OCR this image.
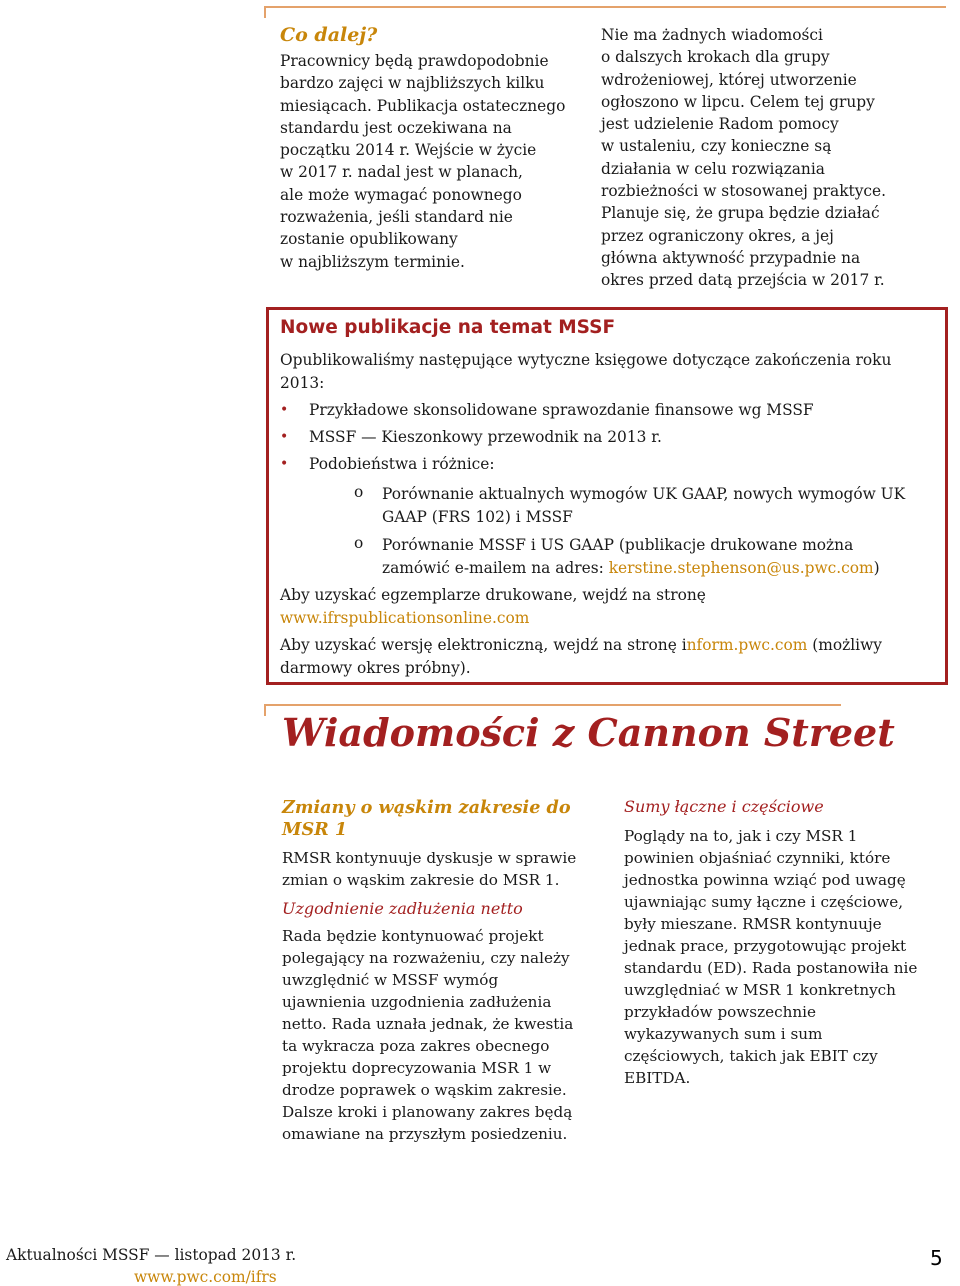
Co dalej?
Pracownicy będą prawdopodobnie
bardzo zajęci w najbliższych kilku
miesiącach. Publikacja ostatecznego
standardu jest oczekiwana na
początku 2014 r. Wejście w życie
w 2017 r. nadal jest w planach,
ale może wymagać ponownego
rozważenia, jeśli standard nie
zostanie opublikowany
w najbliższym terminie.
Nie ma żadnych wiadomości
o dalszych krokach dla grupy
wdrożeniowej, której utworzenie
ogłoszono w lipcu. Celem tej grupy
jest udzielenie Radom pomocy
w ustaleniu, czy konieczne są
działania w celu rozwiązania
rozbieżności w stosowanej praktyce.
Planuje się, że grupa będzie działać
przez ograniczony okres, a jej
główna aktywność przypadnie na
okres przed datą przejścia w 2017 r.
Nowe publikacje na temat MSSF
Opublikowaliśmy następujące wytyczne księgowe dotyczące zakończenia roku
2013:
• Przykładowe skonsolidowane sprawozdanie finansowe wg MSSF
• MSSF — Kieszonkowy przewodnik na 2013 r.
• Podobieństwa i różnice:
o Porównanie aktualnych wymogów UK GAAP, nowych wymogów UK
GAAP (FRS 102) i MSSF
o Porównanie MSSF i US GAAP (publikacje drukowane można
zamówić e-mailem na adres: kerstine.stephenson@us.pwc.com)
Aby uzyskać egzemplarze drukowane, wejdź na stronę
www.ifrspublicationsonline.com
Aby uzyskać wersję elektroniczną, wejdź na stronę inform.pwc.com (możliwy
darmowy okres próbny).
Wiadomości z Cannon Street
Zmiany o wąskim zakresie do
MSR 1
RMSR kontynuuje dyskusje w sprawie
zmian o wąskim zakresie do MSR 1.
Uzgodnienie zadłużenia netto
Rada będzie kontynuować projekt
polegający na rozważeniu, czy należy
uwzględnić w MSSF wymóg
ujawnienia uzgodnienia zadłużenia
netto. Rada uznała jednak, że kwestia
ta wykracza poza zakres obecnego
projektu doprecyzowania MSR 1 w
drodze poprawek o wąskim zakresie.
Dalsze kroki i planowany zakres będą
omawiane na przyszłym posiedzeniu.
Sumy łączne i częściowe
Poglądy na to, jak i czy MSR 1
powinien objaśniać czynniki, które
jednostka powinna wziąć pod uwagę
ujawniając sumy łączne i częściowe,
były mieszane. RMSR kontynuuje
jednak prace, przygotowując projekt
standardu (ED). Rada postanowiła nie
uwzględniać w MSR 1 konkretnych
przykładów powszechnie
wykazywanych sum i sum
częściowych, takich jak EBIT czy
EBITDA.
Aktualności MSSF — listopad 2013 r.
www.pwc.com/ifrs
5
